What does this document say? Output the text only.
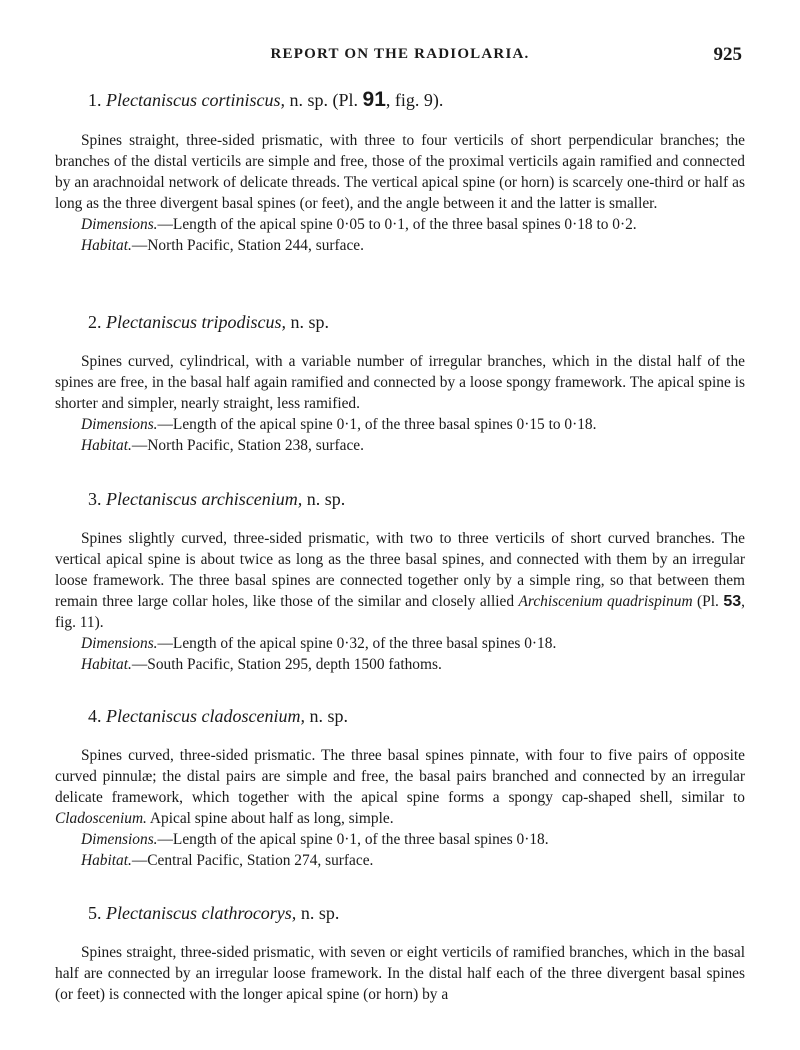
REPORT ON THE RADIOLARIA.	925
1. Plectaniscus cortiniscus, n. sp. (Pl. 91, fig. 9).

Spines straight, three-sided prismatic, with three to four verticils of short perpendicular branches; the branches of the distal verticils are simple and free, those of the proximal verticils again ramified and connected by an arachnoidal network of delicate threads. The vertical apical spine (or horn) is scarcely one-third or half as long as the three divergent basal spines (or feet), and the angle between it and the latter is smaller.

Dimensions.—Length of the apical spine 0·05 to 0·1, of the three basal spines 0·18 to 0·2.
Habitat.—North Pacific, Station 244, surface.
2. Plectaniscus tripodiscus, n. sp.

Spines curved, cylindrical, with a variable number of irregular branches, which in the distal half of the spines are free, in the basal half again ramified and connected by a loose spongy framework. The apical spine is shorter and simpler, nearly straight, less ramified.

Dimensions.—Length of the apical spine 0·1, of the three basal spines 0·15 to 0·18.
Habitat.—North Pacific, Station 238, surface.
3. Plectaniscus archiscenium, n. sp.

Spines slightly curved, three-sided prismatic, with two to three verticils of short curved branches. The vertical apical spine is about twice as long as the three basal spines, and connected with them by an irregular loose framework. The three basal spines are connected together only by a simple ring, so that between them remain three large collar holes, like those of the similar and closely allied Archiscenium quadrispinum (Pl. 53, fig. 11).

Dimensions.—Length of the apical spine 0·32, of the three basal spines 0·18.
Habitat.—South Pacific, Station 295, depth 1500 fathoms.
4. Plectaniscus cladoscenium, n. sp.

Spines curved, three-sided prismatic. The three basal spines pinnate, with four to five pairs of opposite curved pinnulæ; the distal pairs are simple and free, the basal pairs branched and connected by an irregular delicate framework, which together with the apical spine forms a spongy cap-shaped shell, similar to Cladoscenium. Apical spine about half as long, simple.

Dimensions.—Length of the apical spine 0·1, of the three basal spines 0·18.
Habitat.—Central Pacific, Station 274, surface.
5. Plectaniscus clathrocorys, n. sp.

Spines straight, three-sided prismatic, with seven or eight verticils of ramified branches, which in the basal half are connected by an irregular loose framework. In the distal half each of the three divergent basal spines (or feet) is connected with the longer apical spine (or horn) by a
